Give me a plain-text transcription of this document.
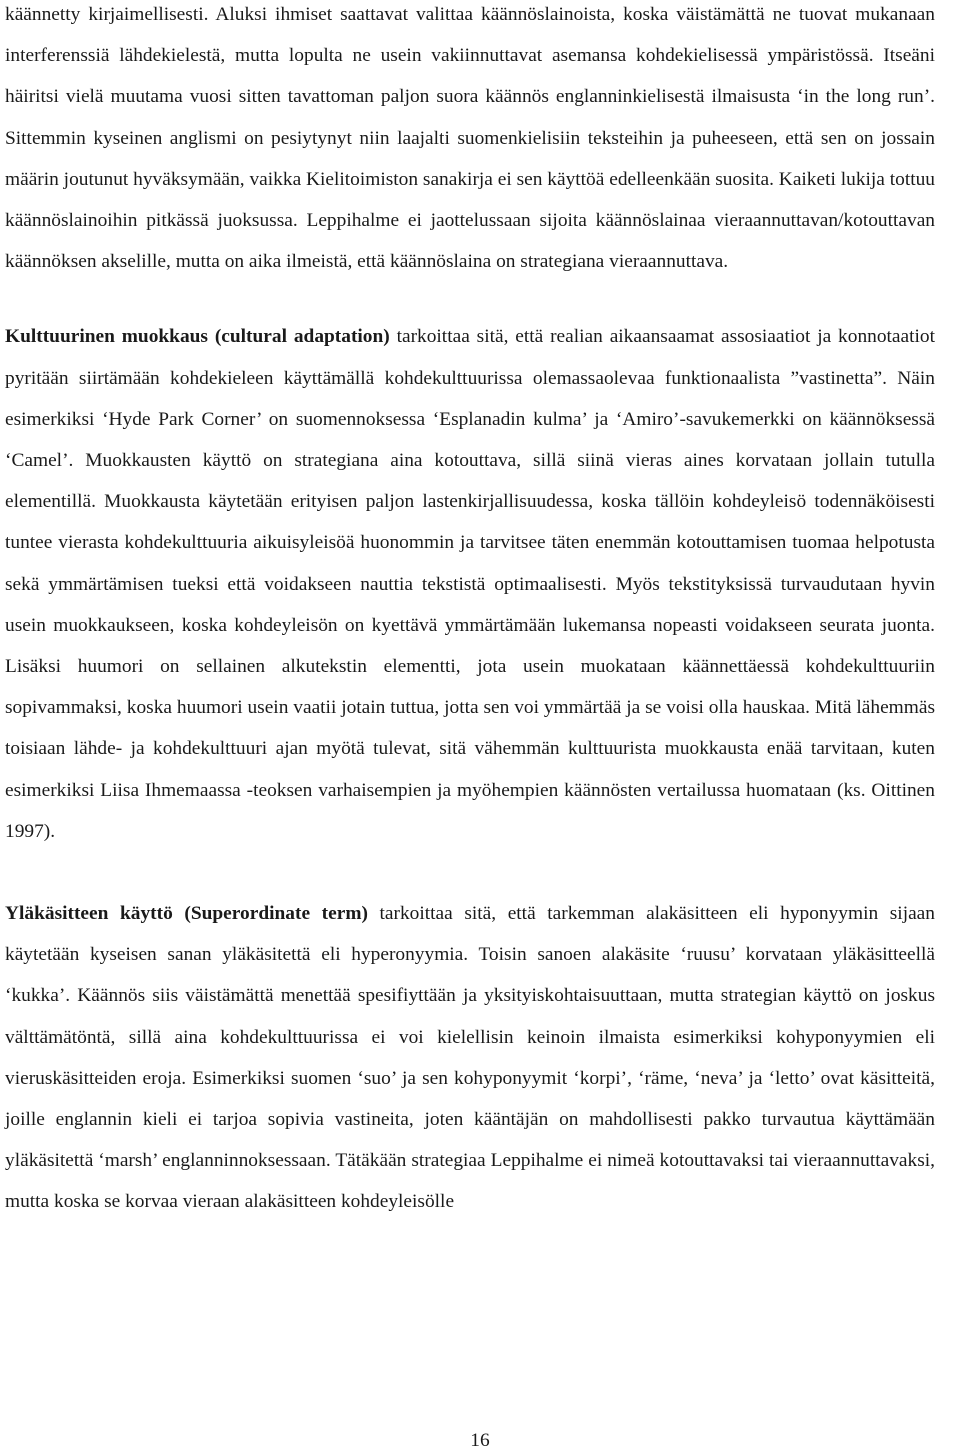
käännetty kirjaimellisesti. Aluksi ihmiset saattavat valittaa käännöslainoista, koska väistämättä ne tuovat mukanaan interferenssiä lähdekielestä, mutta lopulta ne usein vakiinnuttavat asemansa kohdekielisessä ympäristössä. Itseäni häiritsi vielä muutama vuosi sitten tavattoman paljon suora käännös englanninkielisestä ilmaisusta ‘in the long run’. Sittemmin kyseinen anglismi on pesiytynyt niin laajalti suomenkielisiin teksteihin ja puheeseen, että sen on jossain määrin joutunut hyväksymään, vaikka Kielitoimiston sanakirja ei sen käyttöä edelleenkään suosita. Kaiketi lukija tottuu käännöslainoihin pitkässä juoksussa. Leppihalme ei jaottelussaan sijoita käännöslainaa vieraannuttavan/kotouttavan käännöksen akselille, mutta on aika ilmeistä, että käännöslaina on strategiana vieraannuttava.

Kulttuurinen muokkaus (cultural adaptation) tarkoittaa sitä, että realian aikaansaamat assosiaatiot ja konnotaatiot pyritään siirtämään kohdekieleen käyttämällä kohdekulttuurissa olemassaolevaa funktionaalista ”vastinetta”. Näin esimerkiksi ‘Hyde Park Corner’ on suomennoksessa ‘Esplanadin kulma’ ja ‘Amiro’-savukemerkki on käännöksessä ‘Camel’. Muokkausten käyttö on strategiana aina kotouttava, sillä siinä vieras aines korvataan jollain tutulla elementillä. Muokkausta käytetään erityisen paljon lastenkirjallisuudessa, koska tällöin kohdeyleisö todennäköisesti tuntee vierasta kohdekulttuuria aikuisyleisöä huonommin ja tarvitsee täten enemmän kotouttamisen tuomaa helpotusta sekä ymmärtämisen tueksi että voidakseen nauttia tekstistä optimaalisesti. Myös tekstityksissä turvaudutaan hyvin usein muokkaukseen, koska kohdeyleisön on kyettävä ymmärtämään lukemansa nopeasti voidakseen seurata juonta. Lisäksi huumori on sellainen alkutekstin elementti, jota usein muokataan käännettäessä kohdekulttuuriin sopivammaksi, koska huumori usein vaatii jotain tuttua, jotta sen voi ymmärtää ja se voisi olla hauskaa. Mitä lähemmäs toisiaan lähde- ja kohdekulttuuri ajan myötä tulevat, sitä vähemmän kulttuurista muokkausta enää tarvitaan, kuten esimerkiksi Liisa Ihmemaassa -teoksen varhaisempien ja myöhempien käännösten vertailussa huomataan (ks. Oittinen 1997).

Yläkäsitteen käyttö (Superordinate term) tarkoittaa sitä, että tarkemman alakäsitteen eli hyponyymin sijaan käytetään kyseisen sanan yläkäsitettä eli hyperonyymia. Toisin sanoen alakäsite ‘ruusu’ korvataan yläkäsitteellä ‘kukka’. Käännös siis väistämättä menettää spesifiyttään ja yksityiskohtaisuuttaan, mutta strategian käyttö on joskus välttämätöntä, sillä aina kohdekulttuurissa ei voi kielellisin keinoin ilmaista esimerkiksi kohyponyymien eli vieruskäsitteiden eroja. Esimerkiksi suomen ‘suo’ ja sen kohyponyymit ‘korpi’, ‘räme, ‘neva’ ja ‘letto’ ovat käsitteitä, joille englannin kieli ei tarjoa sopivia vastineita, joten kääntäjän on mahdollisesti pakko turvautua käyttämään yläkäsitettä ‘marsh’ englanninnoksessaan. Tätäkään strategiaa Leppihalme ei nimeä kotouttavaksi tai vieraannuttavaksi, mutta koska se korvaa vieraan alakäsitteen kohdeyleisölle

16
